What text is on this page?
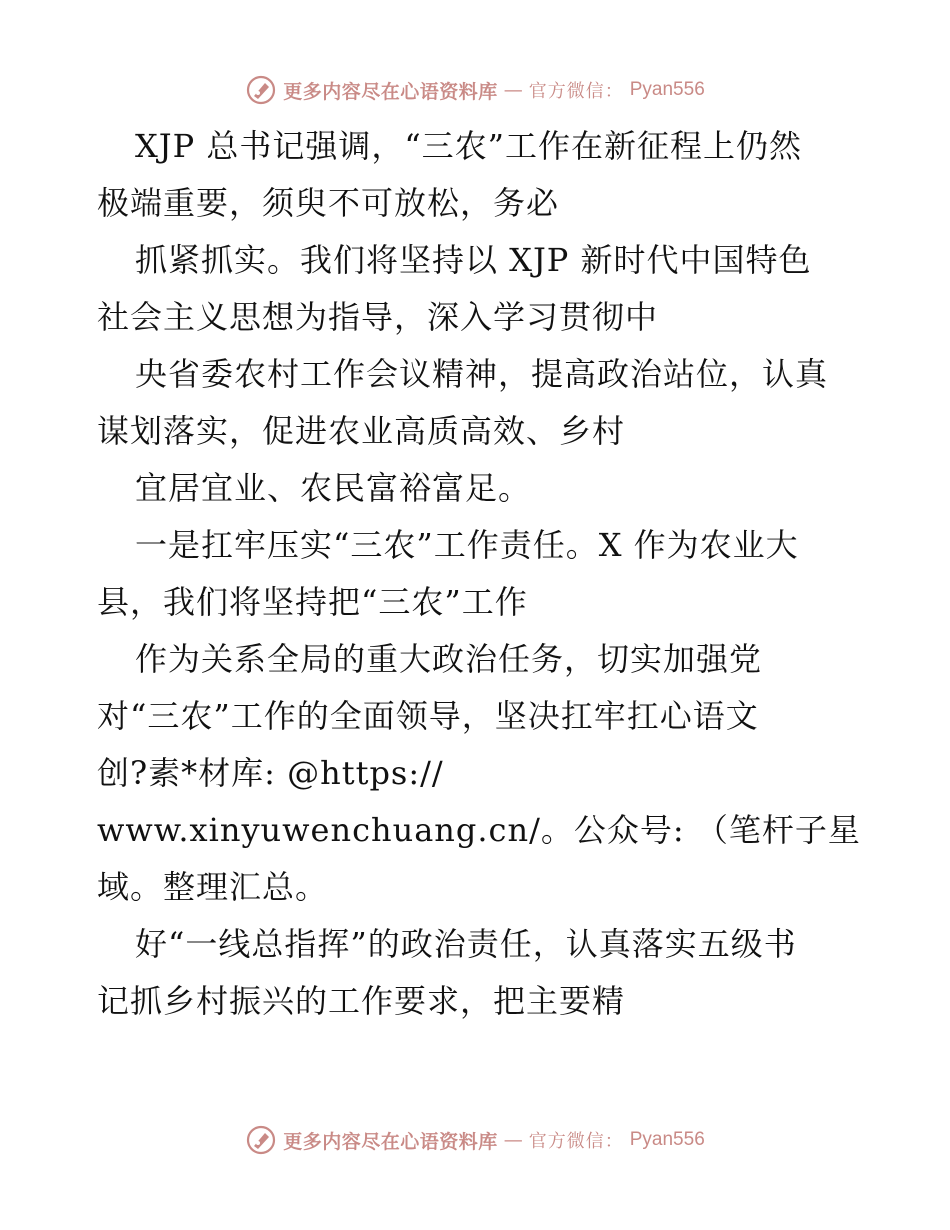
更多内容尽在心语资料库 — 官方微信： Pyan556
XJP 总书记强调，“三农”工作在新征程上仍然
极端重要，须臾不可放松，务必
抓紧抓实。我们将坚持以 XJP 新时代中国特色
社会主义思想为指导，深入学习贯彻中
央省委农村工作会议精神，提高政治站位，认真
谋划落实，促进农业高质高效、乡村
宜居宜业、农民富裕富足。
一是扛牢压实“三农”工作责任。X 作为农业大
县，我们将坚持把“三农”工作
作为关系全局的重大政治任务，切实加强党
对“三农”工作的全面领导，坚决扛牢扛心语文
创?素*材库: @https://
www.xinyuwenchuang.cn/。公众号: （笔杆子星
域。整理汇总。
好“一线总指挥”的政治责任，认真落实五级书
记抓乡村振兴的工作要求，把主要精
更多内容尽在心语资料库 — 官方微信： Pyan556
